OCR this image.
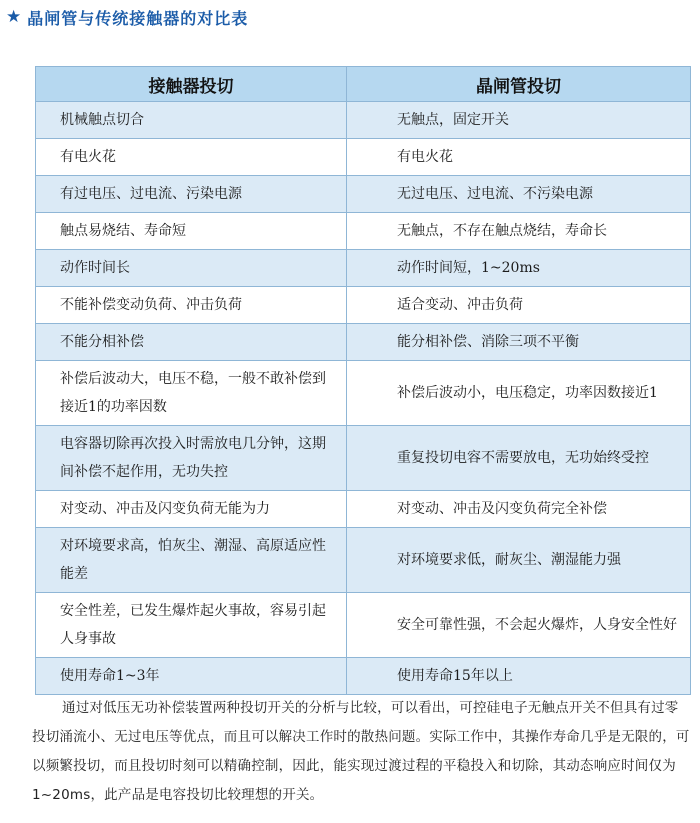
★ 晶闸管与传统接触器的对比表
接触器投切	晶闸管投切
机械触点切合	无触点，固定开关
有电火花	有电火花
有过电压、过电流、污染电源	无过电压、过电流、不污染电源
触点易烧结、寿命短	无触点，不存在触点烧结，寿命长
动作时间长	动作时间短，1~20ms
不能补偿变动负荷、冲击负荷	适合变动、冲击负荷
不能分相补偿	能分相补偿、消除三项不平衡
补偿后波动大，电压不稳，一般不敢补偿到接近1的功率因数	补偿后波动小，电压稳定，功率因数接近1
电容器切除再次投入时需放电几分钟，这期间补偿不起作用，无功失控	重复投切电容不需要放电，无功始终受控
对变动、冲击及闪变负荷无能为力	对变动、冲击及闪变负荷完全补偿
对环境要求高，怕灰尘、潮湿、高原适应性能差	对环境要求低，耐灰尘、潮湿能力强
安全性差，已发生爆炸起火事故，容易引起人身事故	安全可靠性强，不会起火爆炸，人身安全性好
使用寿命1~3年	使用寿命15年以上

通过对低压无功补偿装置两种投切开关的分析与比较，可以看出，可控硅电子无触点开关不但具有过零投切涌流小、无过电压等优点，而且可以解决工作时的散热问题。实际工作中，其操作寿命几乎是无限的，可以频繁投切，而且投切时刻可以精确控制，因此，能实现过渡过程的平稳投入和切除，其动态响应时间仅为1~20ms，此产品是电容投切比较理想的开关。
